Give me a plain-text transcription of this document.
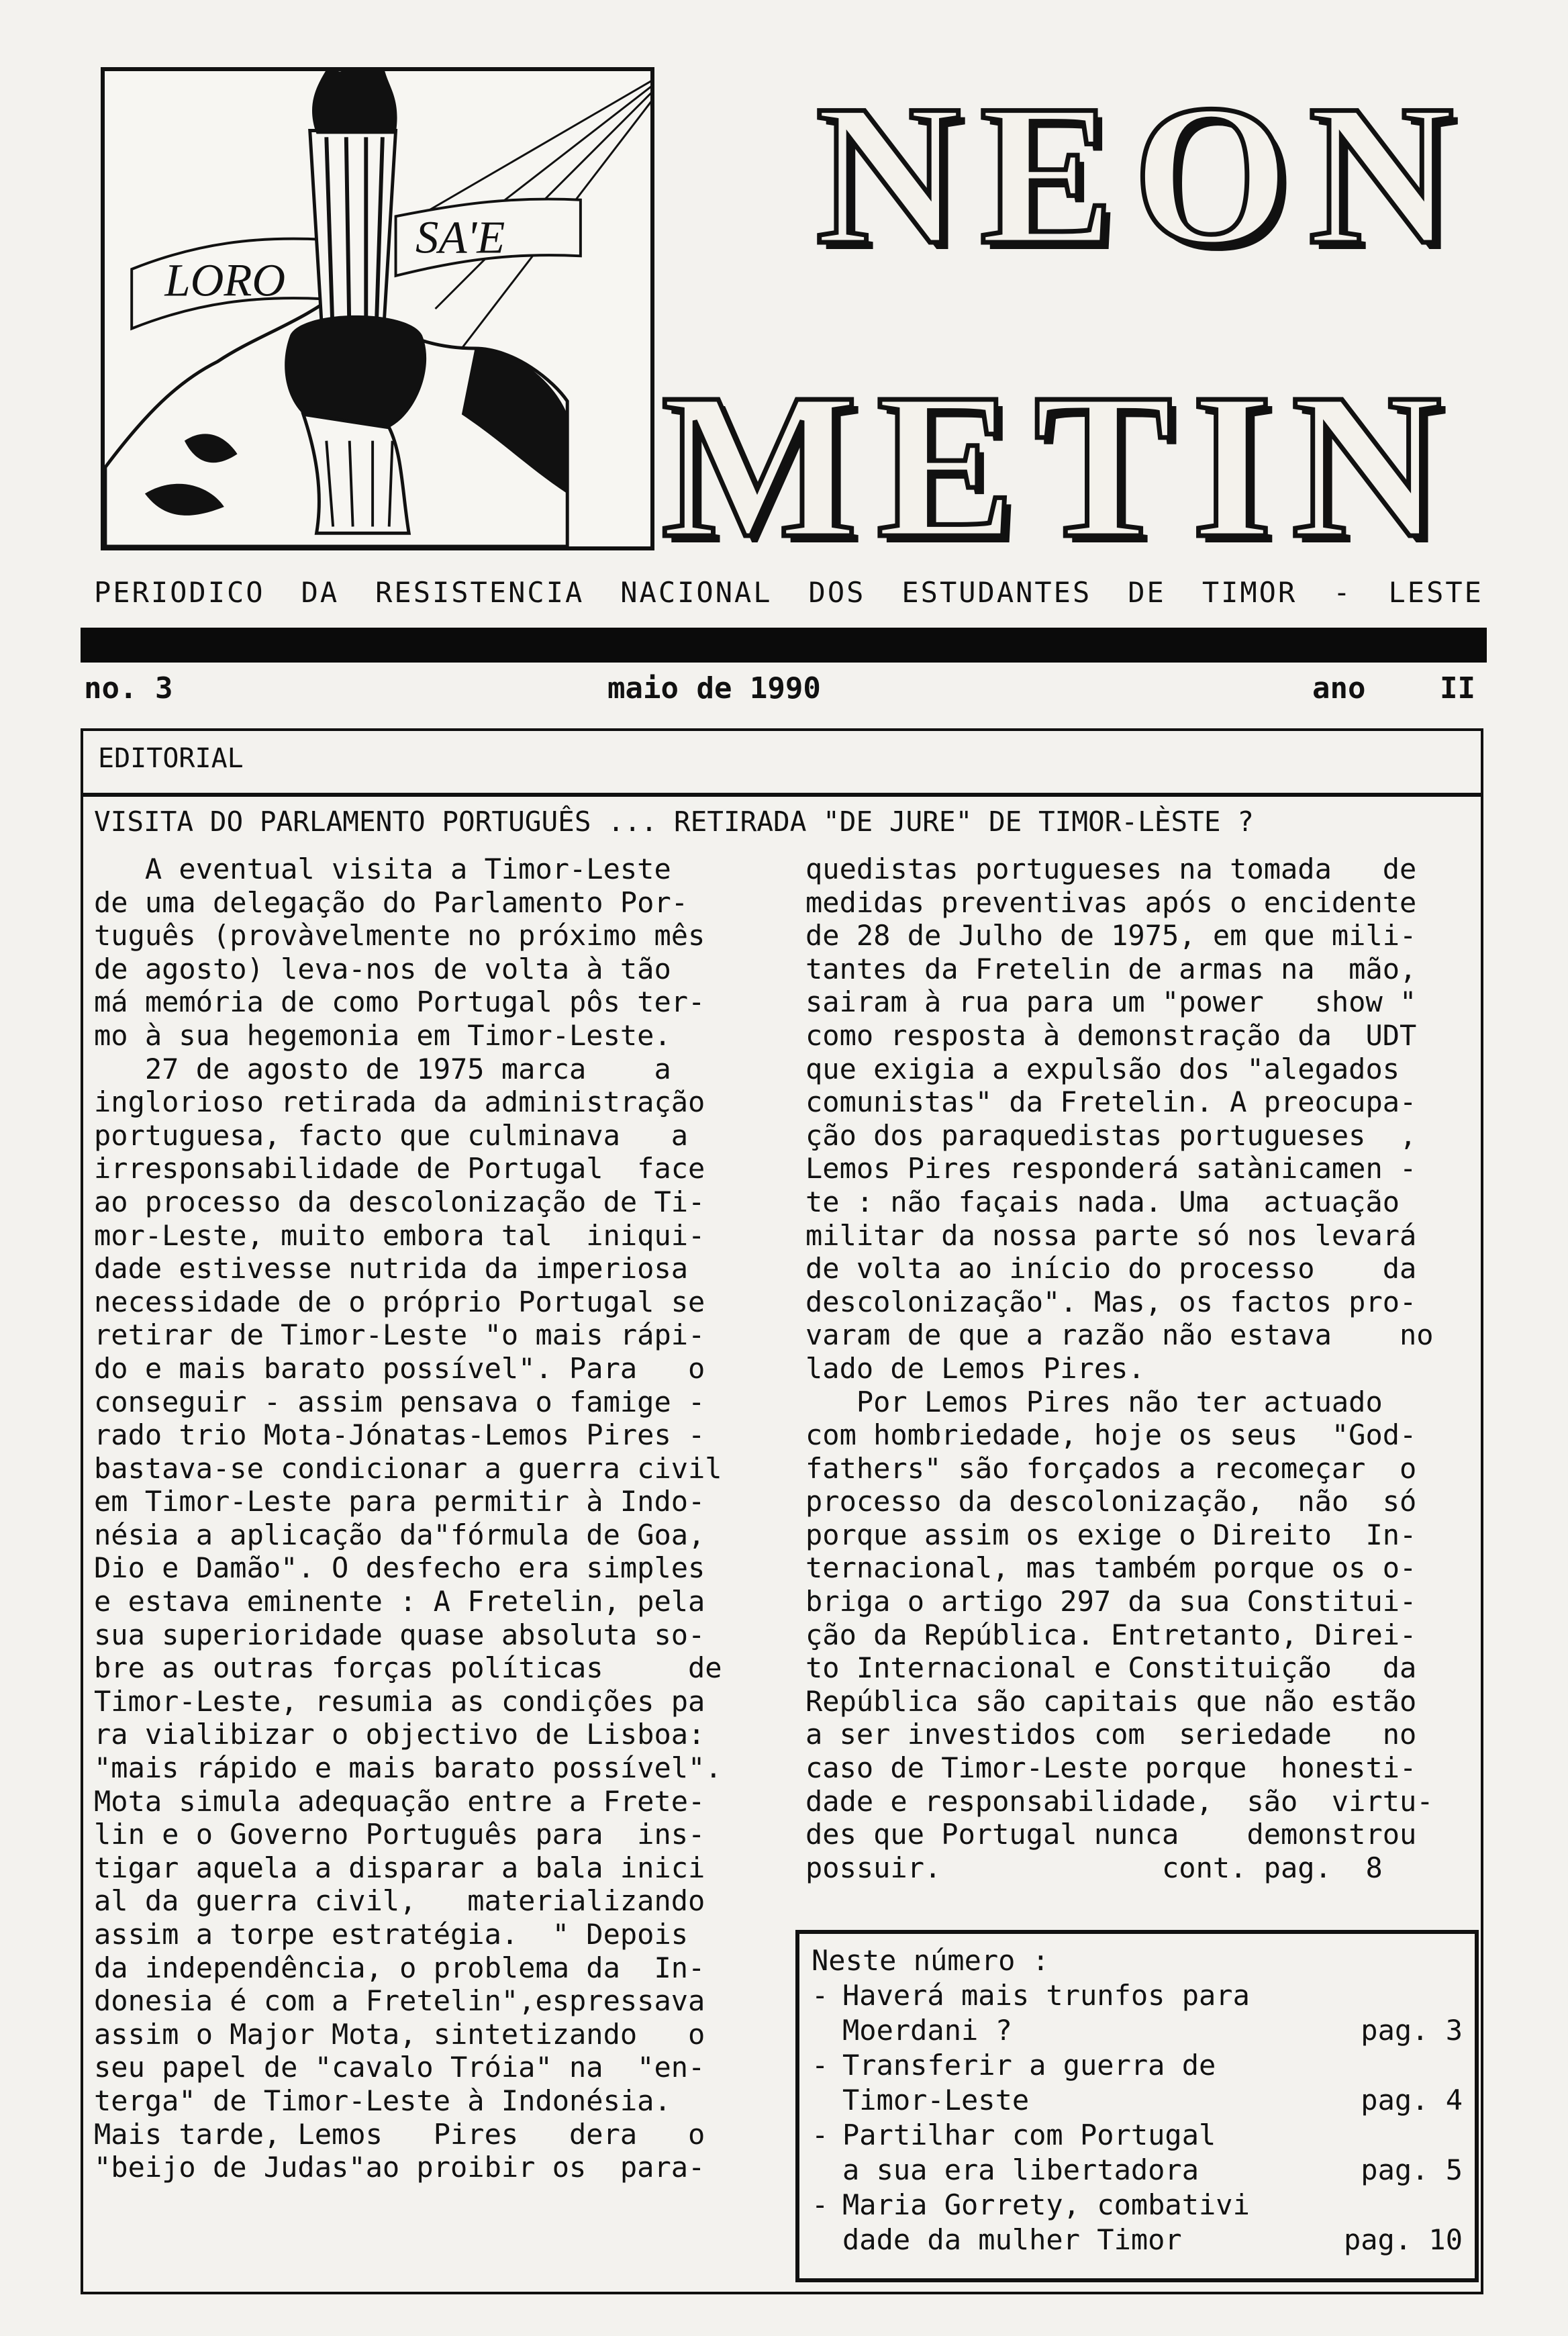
LORO
SA'E NEON
METIN
PERIODICO DA RESISTENCIA NACIONAL DOS ESTUDANTES DE TIMOR - LESTE
no. 3	maio de 1990	ano	II
EDITORIAL
VISITA DO PARLAMENTO PORTUGUÊS ... RETIRADA "DE JURE" DE TIMOR-LÈSTE ?
A eventual visita a Timor-Leste
de uma delegação do Parlamento Por-
tuguês (provàvelmente no próximo mês
de agosto) leva-nos de volta à tão
má memória de como Portugal pôs ter-
mo à sua hegemonia em Timor-Leste.
27 de agosto de 1975 marca    a
inglorioso retirada da administração
portuguesa, facto que culminava   a
irresponsabilidade de Portugal  face
ao processo da descolonização de Ti-
mor-Leste, muito embora tal  iniqui-
dade estivesse nutrida da imperiosa
necessidade de o próprio Portugal se
retirar de Timor-Leste "o mais rápi-
do e mais barato possível". Para   o
conseguir - assim pensava o famige -
rado trio Mota-Jónatas-Lemos Pires -
bastava-se condicionar a guerra civil
em Timor-Leste para permitir à Indo-
nésia a aplicação da"fórmula de Goa,
Dio e Damão". O desfecho era simples
e estava eminente : A Fretelin, pela
sua superioridade quase absoluta so-
bre as outras forças políticas     de
Timor-Leste, resumia as condições pa
ra vialibizar o objectivo de Lisboa:
"mais rápido e mais barato possível".
Mota simula adequação entre a Frete-
lin e o Governo Português para  ins-
tigar aquela a disparar a bala inici
al da guerra civil,   materializando
assim a torpe estratégia.  " Depois
da independência, o problema da  In-
donesia é com a Fretelin",espressava
assim o Major Mota, sintetizando   o
seu papel de "cavalo Tróia" na  "en-
terga" de Timor-Leste à Indonésia.
Mais tarde, Lemos   Pires   dera   o
"beijo de Judas"ao proibir os  para-
quedistas portugueses na tomada   de
medidas preventivas após o encidente
de 28 de Julho de 1975, em que mili-
tantes da Fretelin de armas na  mão,
sairam à rua para um "power   show "
como resposta à demonstração da  UDT
que exigia a expulsão dos "alegados
comunistas" da Fretelin. A preocupa-
ção dos paraquedistas portugueses  ,
Lemos Pires responderá satànicamen -
te : não façais nada. Uma  actuação
militar da nossa parte só nos levará
de volta ao início do processo    da
descolonização". Mas, os factos pro-
varam de que a razão não estava    no
lado de Lemos Pires.
Por Lemos Pires não ter actuado
com hombriedade, hoje os seus  "God-
fathers" são forçados a recomeçar  o
processo da descolonização,  não  só
porque assim os exige o Direito  In-
ternacional, mas também porque os o-
briga o artigo 297 da sua Constitui-
ção da República. Entretanto, Direi-
to Internacional e Constituição   da
República são capitais que não estão
a ser investidos com  seriedade   no
caso de Timor-Leste porque  honesti-
dade e responsabilidade,  são  virtu-
des que Portugal nunca    demonstrou
possuir.             cont. pag.  8
Neste número :
- Haverá mais trunfos para
Moerdani ?	pag. 3
- Transferir a guerra de
Timor-Leste	pag. 4
- Partilhar com Portugal
a sua era libertadora	pag. 5
- Maria Gorrety, combativi
dade da mulher Timor	pag. 10
